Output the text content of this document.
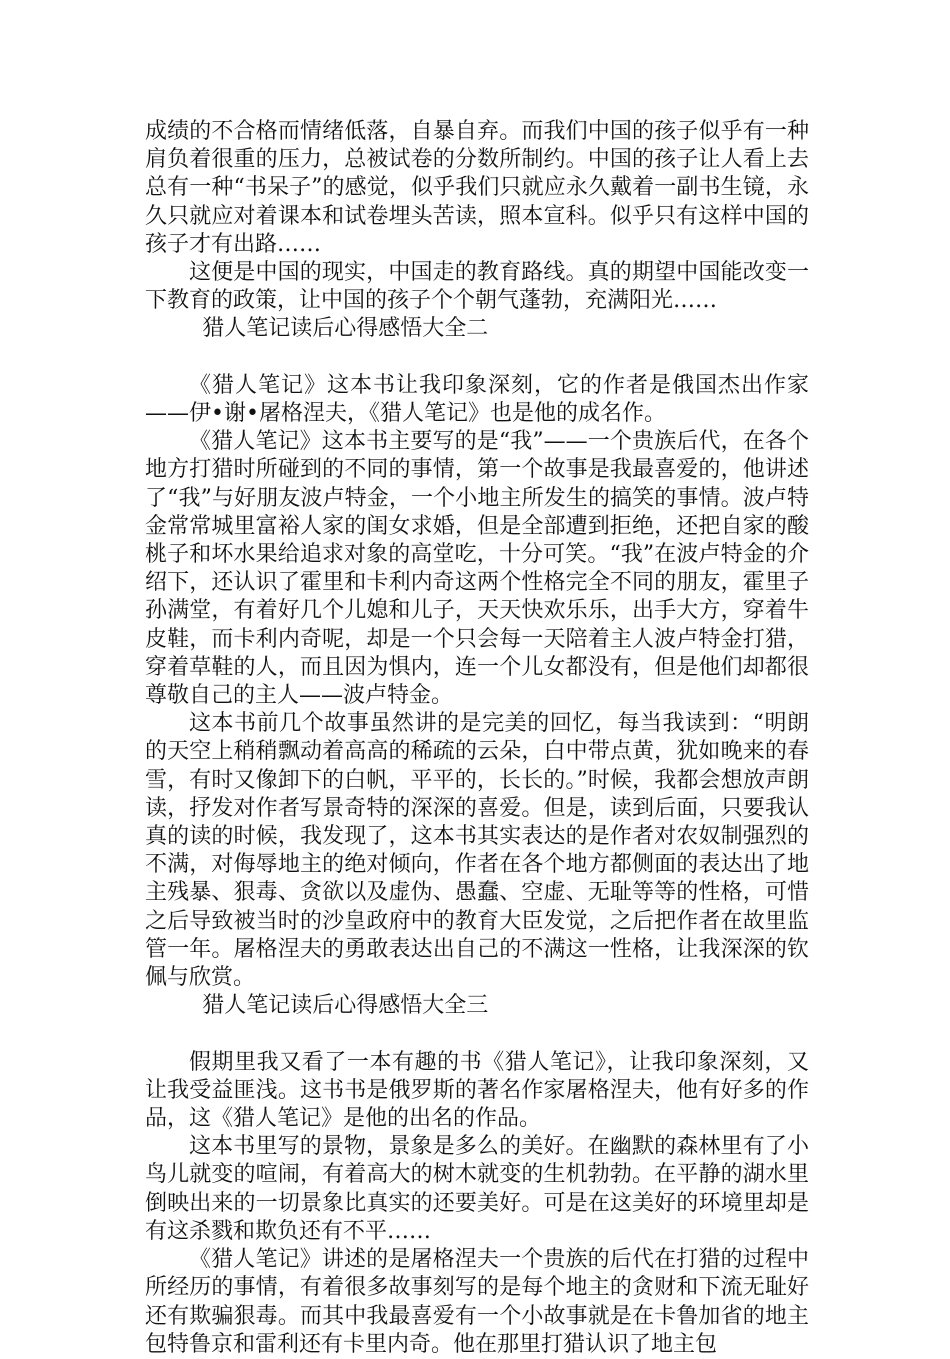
成绩的不合格而情绪低落，自暴自弃。而我们中国的孩子似乎有一种肩负着很重的压力，总被试卷的分数所制约。中国的孩子让人看上去总有一种“书呆子”的感觉，似乎我们只就应永久戴着一副书生镜，永久只就应对着课本和试卷埋头苦读，照本宣科。似乎只有这样中国的孩子才有出路……

这便是中国的现实，中国走的教育路线。真的期望中国能改变一下教育的政策，让中国的孩子个个朝气蓬勃，充满阳光……

猎人笔记读后心得感悟大全二

《猎人笔记》这本书让我印象深刻，它的作者是俄国杰出作家——伊•谢•屠格涅夫，《猎人笔记》也是他的成名作。

《猎人笔记》这本书主要写的是“我”——一个贵族后代，在各个地方打猎时所碰到的不同的事情，第一个故事是我最喜爱的，他讲述了“我”与好朋友波卢特金，一个小地主所发生的搞笑的事情。波卢特金常常城里富裕人家的闺女求婚，但是全部遭到拒绝，还把自家的酸桃子和坏水果给追求对象的高堂吃，十分可笑。“我”在波卢特金的介绍下，还认识了霍里和卡利内奇这两个性格完全不同的朋友，霍里子孙满堂，有着好几个儿媳和儿子，天天快欢乐乐，出手大方，穿着牛皮鞋，而卡利内奇呢，却是一个只会每一天陪着主人波卢特金打猎，穿着草鞋的人，而且因为惧内，连一个儿女都没有，但是他们却都很尊敬自己的主人——波卢特金。

这本书前几个故事虽然讲的是完美的回忆，每当我读到：“明朗的天空上稍稍飘动着高高的稀疏的云朵，白中带点黄，犹如晚来的春雪，有时又像卸下的白帆，平平的，长长的。”时候，我都会想放声朗读，抒发对作者写景奇特的深深的喜爱。但是，读到后面，只要我认真的读的时候，我发现了，这本书其实表达的是作者对农奴制强烈的不满，对侮辱地主的绝对倾向，作者在各个地方都侧面的表达出了地主残暴、狠毒、贪欲以及虚伪、愚蠢、空虚、无耻等等的性格，可惜之后导致被当时的沙皇政府中的教育大臣发觉，之后把作者在故里监管一年。屠格涅夫的勇敢表达出自己的不满这一性格，让我深深的钦佩与欣赏。

猎人笔记读后心得感悟大全三

假期里我又看了一本有趣的书《猎人笔记》，让我印象深刻，又让我受益匪浅。这书书是俄罗斯的著名作家屠格涅夫，他有好多的作品，这《猎人笔记》是他的出名的作品。

这本书里写的景物，景象是多么的美好。在幽默的森林里有了小鸟儿就变的喧闹，有着高大的树木就变的生机勃勃。在平静的湖水里倒映出来的一切景象比真实的还要美好。可是在这美好的环境里却是有这杀戮和欺负还有不平……

《猎人笔记》讲述的是屠格涅夫一个贵族的后代在打猎的过程中所经历的事情，有着很多故事刻写的是每个地主的贪财和下流无耻好还有欺骗狠毒。而其中我最喜爱有一个小故事就是在卡鲁加省的地主包特鲁京和雷利还有卡里内奇。他在那里打猎认识了地主包
